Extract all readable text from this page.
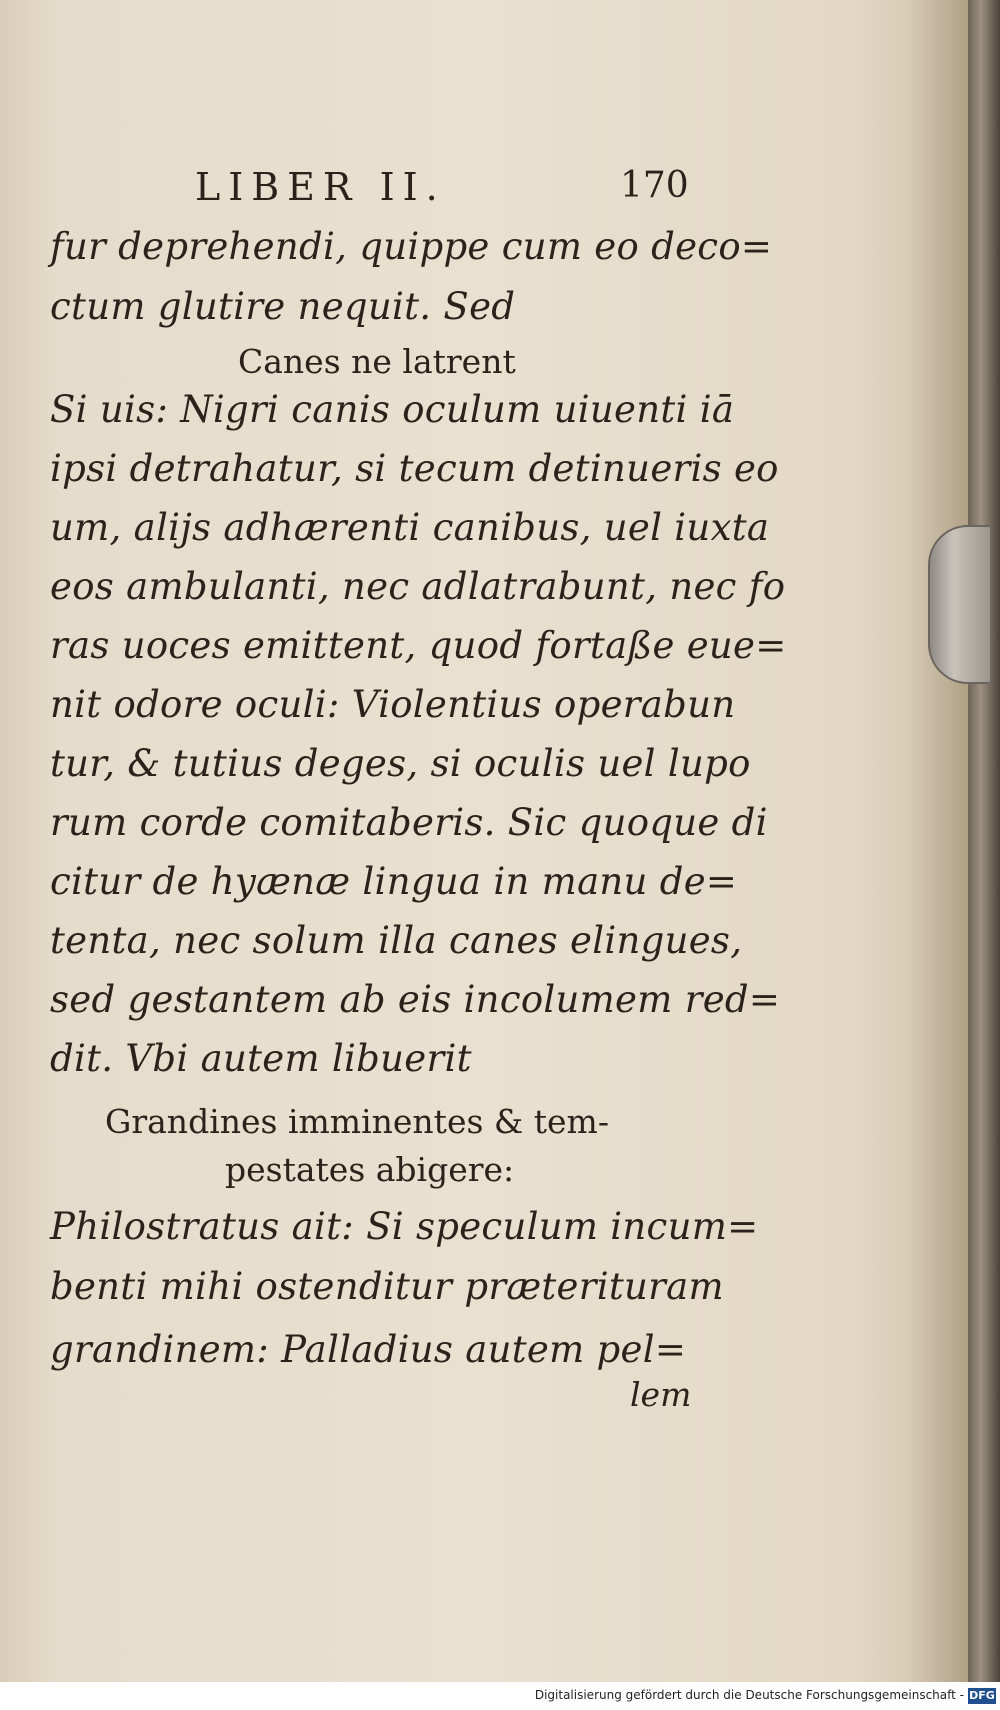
LIBER II.	170
fur deprehendi, quippe cum eo deco=
ctum glutire nequit. Sed
Canes ne latrent
Si uis: Nigri canis oculum uiuenti iā
ipsi detrahatur, si tecum detinueris eo
um, alijs adhærenti canibus, uel iuxta
eos ambulanti, nec adlatrabunt, nec fo
ras uoces emittent, quod fortaße eue=
nit odore oculi: Violentius operabun
tur, & tutius deges, si oculis uel lupo
rum corde comitaberis. Sic quoque di
citur de hyænæ lingua in manu de=
tenta, nec solum illa canes elingues,
sed gestantem ab eis incolumem red=
dit. Vbi autem libuerit
Grandines imminentes & tem-
pestates abigere:
Philostratus ait: Si speculum incum=
benti mihi ostenditur præterituram
grandinem: Palladius autem pel=
lem
Digitalisierung gefördert durch die Deutsche Forschungsgemeinschaft - DFG
